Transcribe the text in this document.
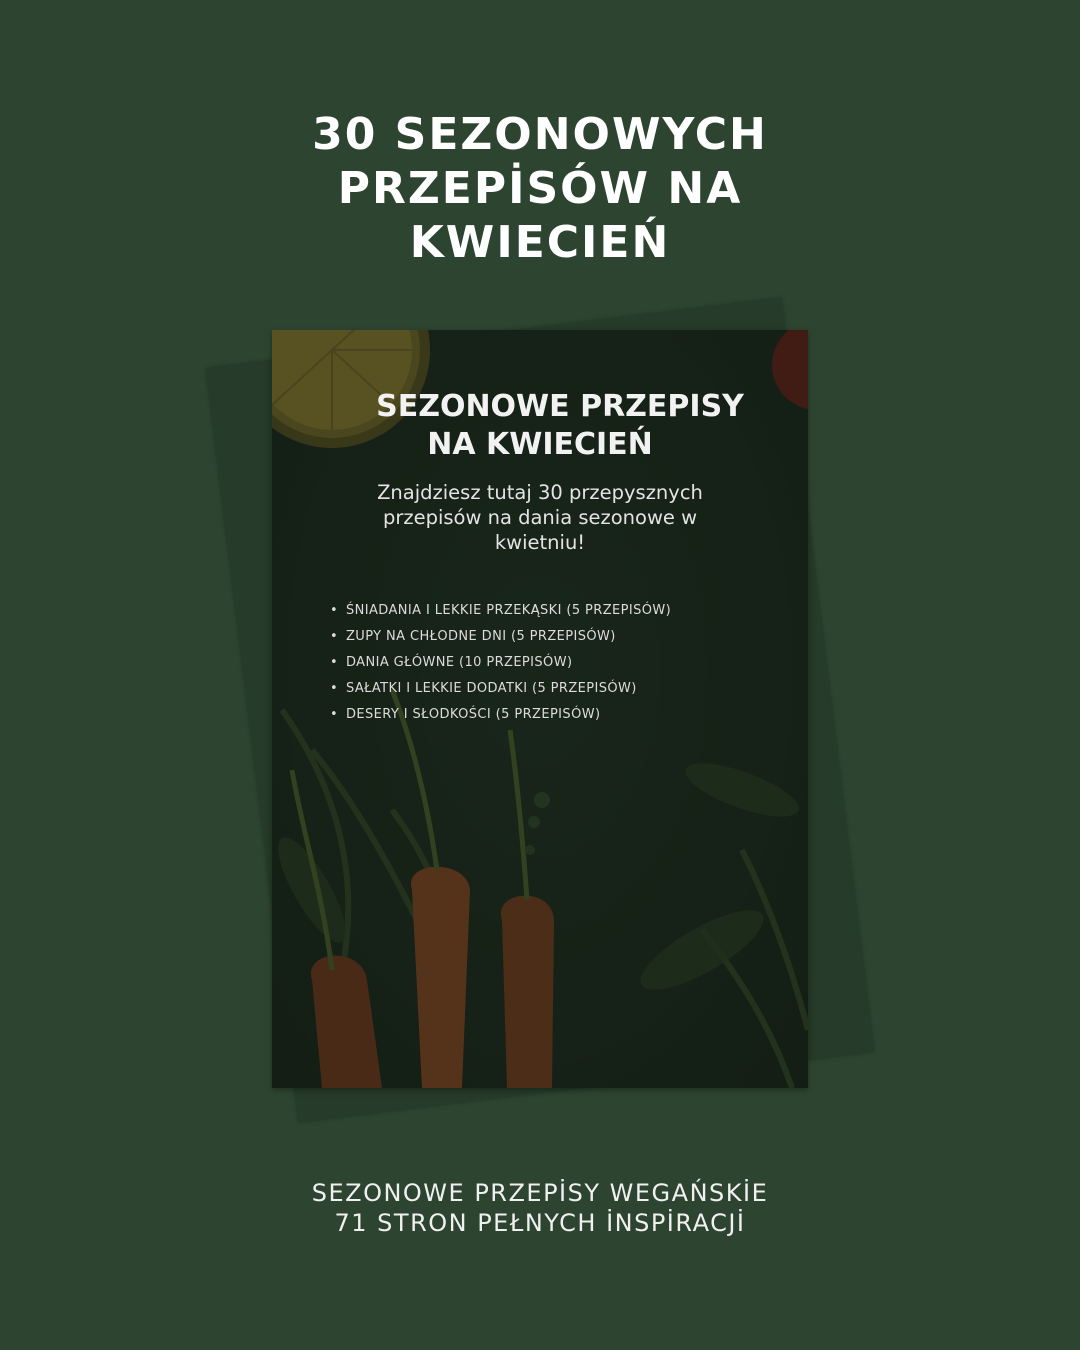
30 SEZONOWYCH
PRZEPİSÓW NA
KWIECIEŃ
SEZONOWE PRZEPISY
NA KWIECIEŃ
Znajdziesz tutaj 30 przepysznych przepisów na dania sezonowe w kwietniu!
• ŚNIADANIA I LEKKIE PRZEKĄSKI (5 PRZEPISÓW)
• ZUPY NA CHŁODNE DNI (5 PRZEPISÓW)
• DANIA GŁÓWNE (10 PRZEPISÓW)
• SAŁATKI I LEKKIE DODATKI (5 PRZEPISÓW)
• DESERY I SŁODKOŚCI (5 PRZEPISÓW)
SEZONOWE PRZEPİSY WEGAŃSKİE
71 STRON PEŁNYCH İNSPİRACJİ
